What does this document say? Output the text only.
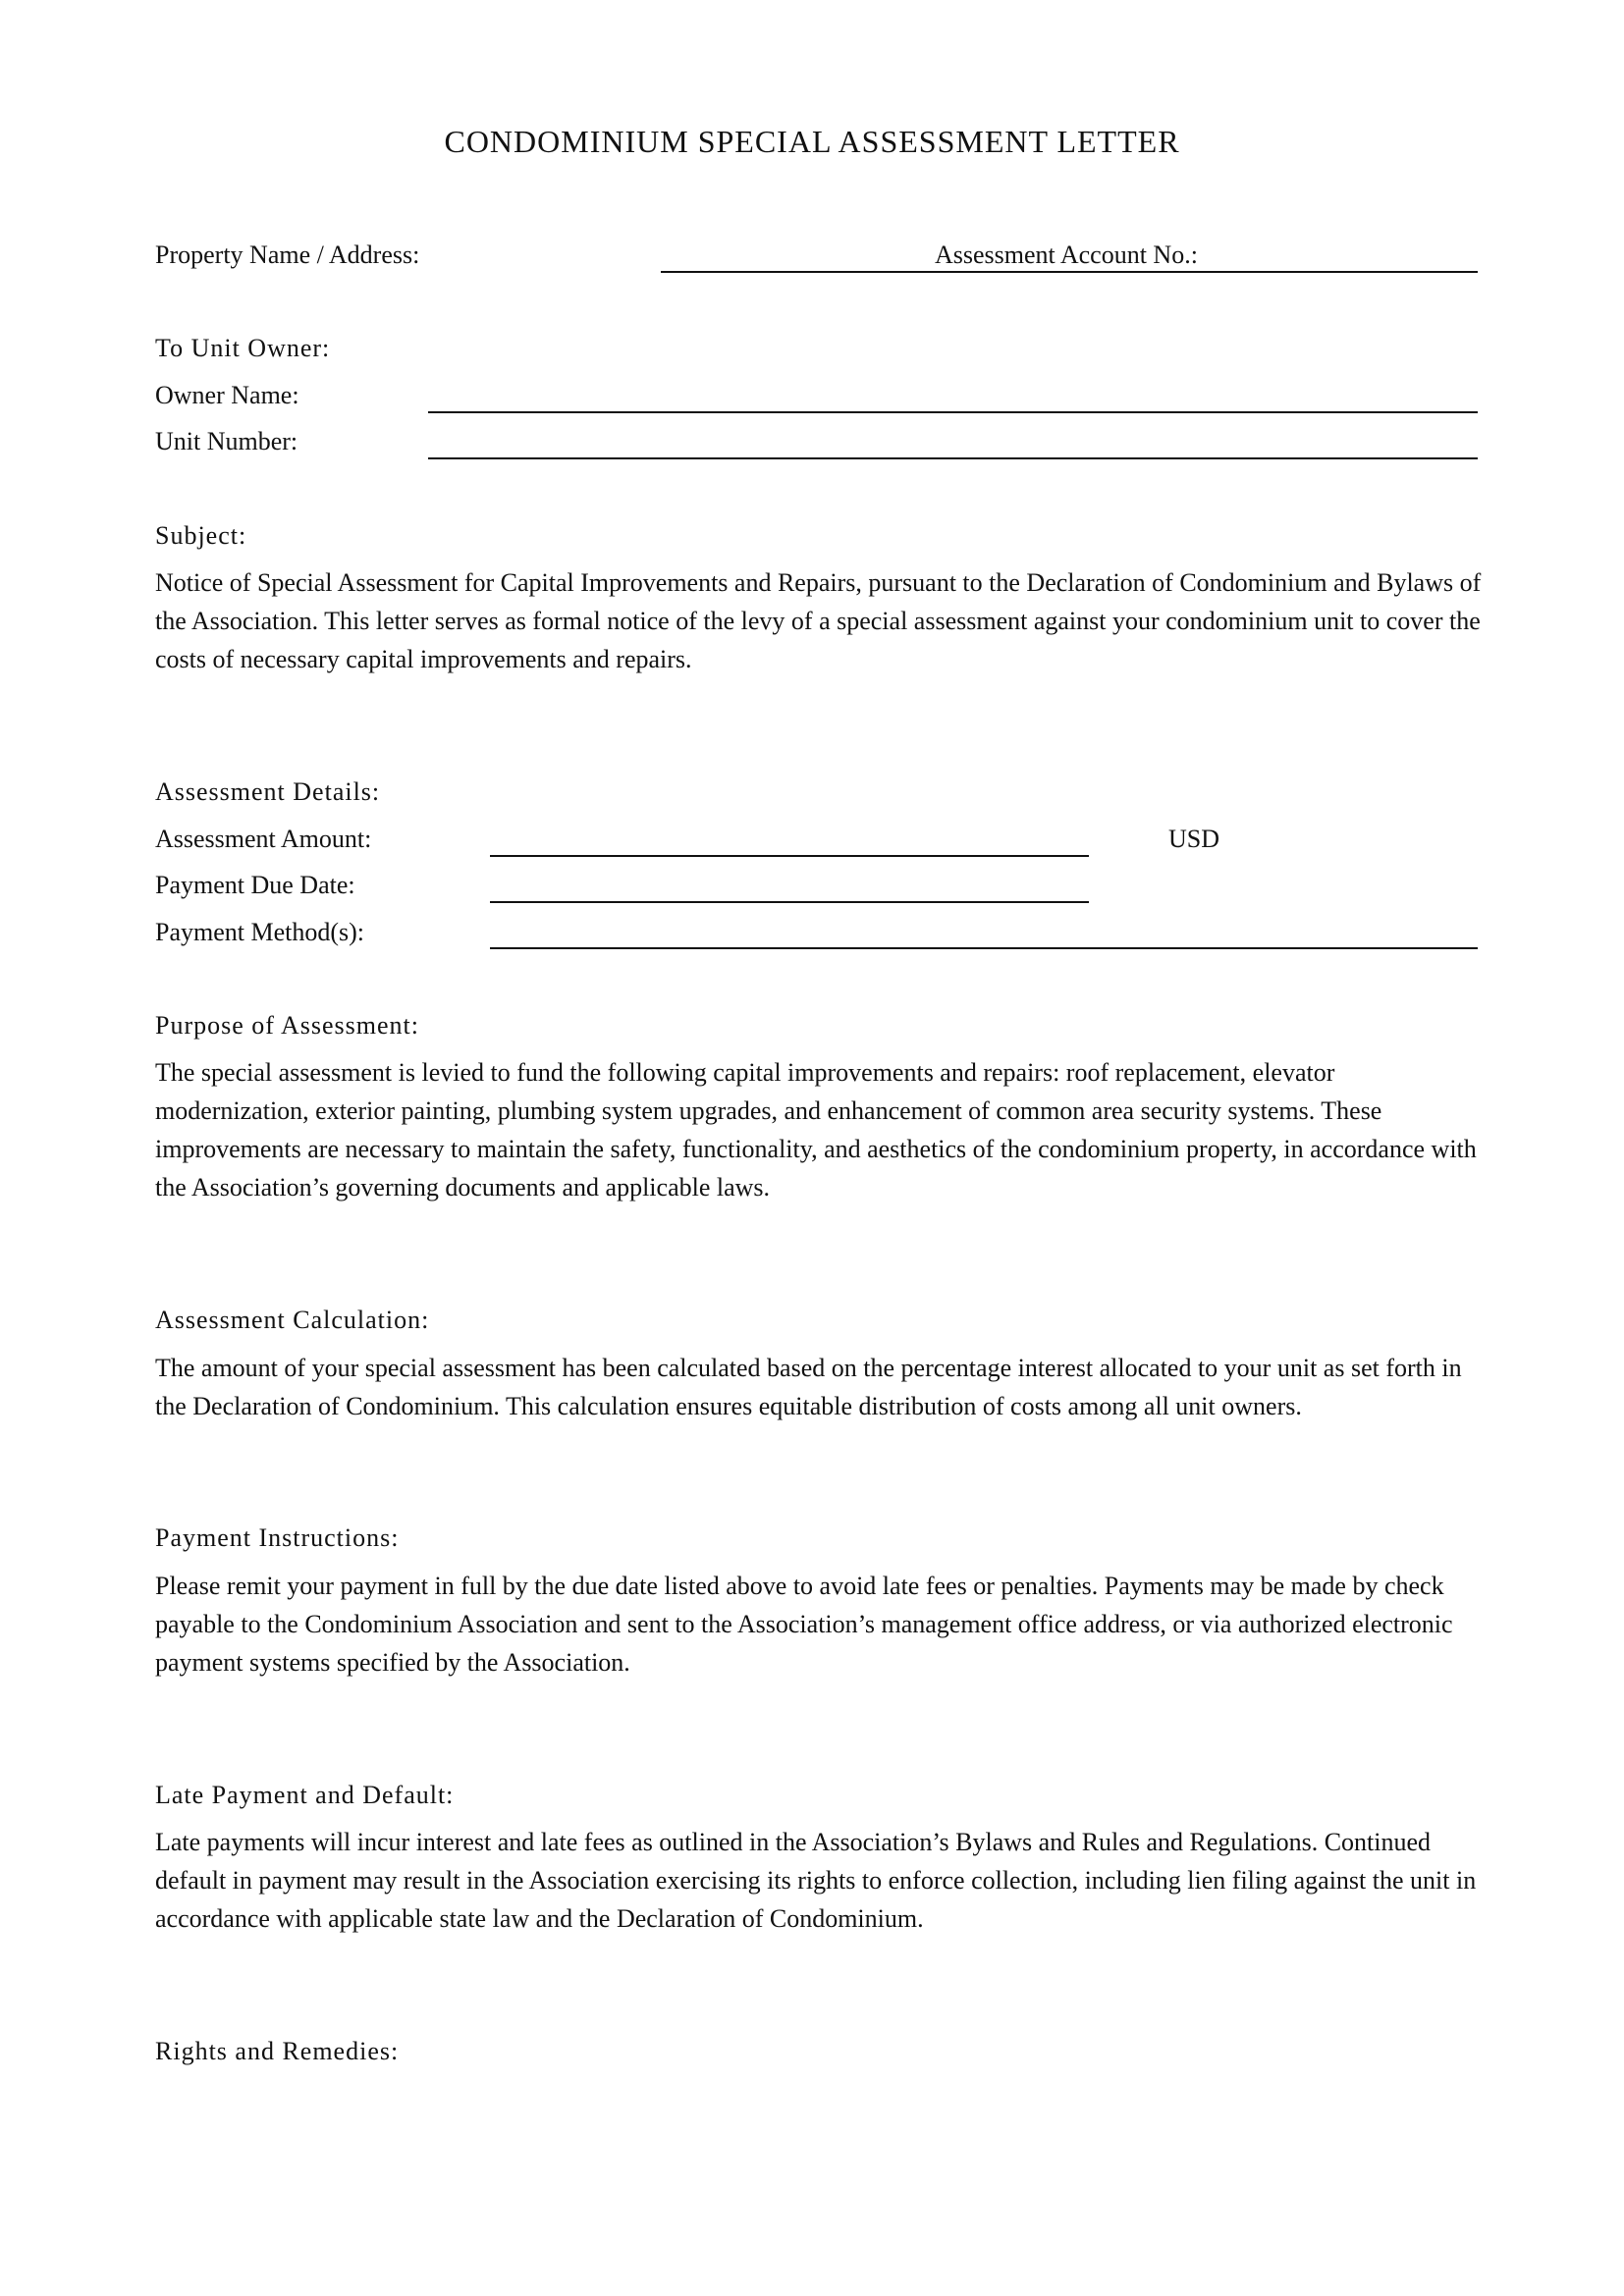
CONDOMINIUM SPECIAL ASSESSMENT LETTER
Property Name / Address:	Assessment Account No.:
To Unit Owner:
Owner Name:
Unit Number:
Subject:
Notice of Special Assessment for Capital Improvements and Repairs, pursuant to the Declaration of Condominium and Bylaws of the Association. This letter serves as formal notice of the levy of a special assessment against your condominium unit to cover the costs of necessary capital improvements and repairs.
Assessment Details:
Assessment Amount:	USD
Payment Due Date:
Payment Method(s):
Purpose of Assessment:
The special assessment is levied to fund the following capital improvements and repairs: roof replacement, elevator modernization, exterior painting, plumbing system upgrades, and enhancement of common area security systems. These improvements are necessary to maintain the safety, functionality, and aesthetics of the condominium property, in accordance with the Association’s governing documents and applicable laws.
Assessment Calculation:
The amount of your special assessment has been calculated based on the percentage interest allocated to your unit as set forth in the Declaration of Condominium. This calculation ensures equitable distribution of costs among all unit owners.
Payment Instructions:
Please remit your payment in full by the due date listed above to avoid late fees or penalties. Payments may be made by check payable to the Condominium Association and sent to the Association’s management office address, or via authorized electronic payment systems specified by the Association.
Late Payment and Default:
Late payments will incur interest and late fees as outlined in the Association’s Bylaws and Rules and Regulations. Continued default in payment may result in the Association exercising its rights to enforce collection, including lien filing against the unit in accordance with applicable state law and the Declaration of Condominium.
Rights and Remedies:
